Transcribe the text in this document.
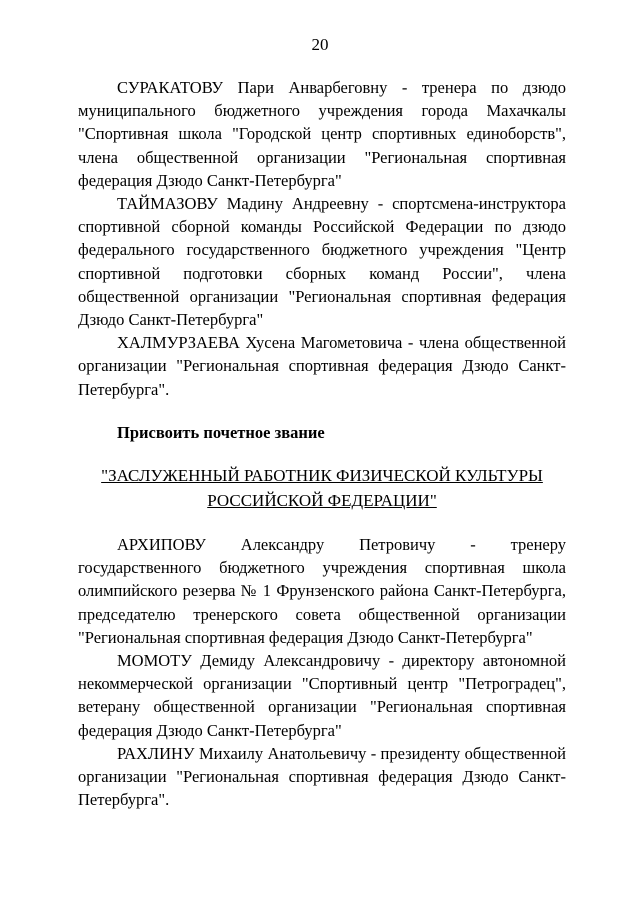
20

СУРАКАТОВУ Пари Анварбеговну - тренера по дзюдо муниципального бюджетного учреждения города Махачкалы "Спортивная школа "Городской центр спортивных единоборств", члена общественной организации "Региональная спортивная федерация Дзюдо Санкт-Петербурга"

ТАЙМАЗОВУ Мадину Андреевну - спортсмена-инструктора спортивной сборной команды Российской Федерации по дзюдо федерального государственного бюджетного учреждения "Центр спортивной подготовки сборных команд России", члена общественной организации "Региональная спортивная федерация Дзюдо Санкт-Петербурга"

ХАЛМУРЗАЕВА Хусена Магометовича - члена общественной организации "Региональная спортивная федерация Дзюдо Санкт-Петербурга".

Присвоить почетное звание

"ЗАСЛУЖЕННЫЙ РАБОТНИК ФИЗИЧЕСКОЙ КУЛЬТУРЫ
РОССИЙСКОЙ ФЕДЕРАЦИИ"

АРХИПОВУ Александру Петровичу - тренеру государственного бюджетного учреждения спортивная школа олимпийского резерва № 1 Фрунзенского района Санкт-Петербурга, председателю тренерского совета общественной организации "Региональная спортивная федерация Дзюдо Санкт-Петербурга"

МОМОТУ Демиду Александровичу - директору автономной некоммерческой организации "Спортивный центр "Петроградец", ветерану общественной организации "Региональная спортивная федерация Дзюдо Санкт-Петербурга"

РАХЛИНУ Михаилу Анатольевичу - президенту общественной организации "Региональная спортивная федерация Дзюдо Санкт-Петербурга".
